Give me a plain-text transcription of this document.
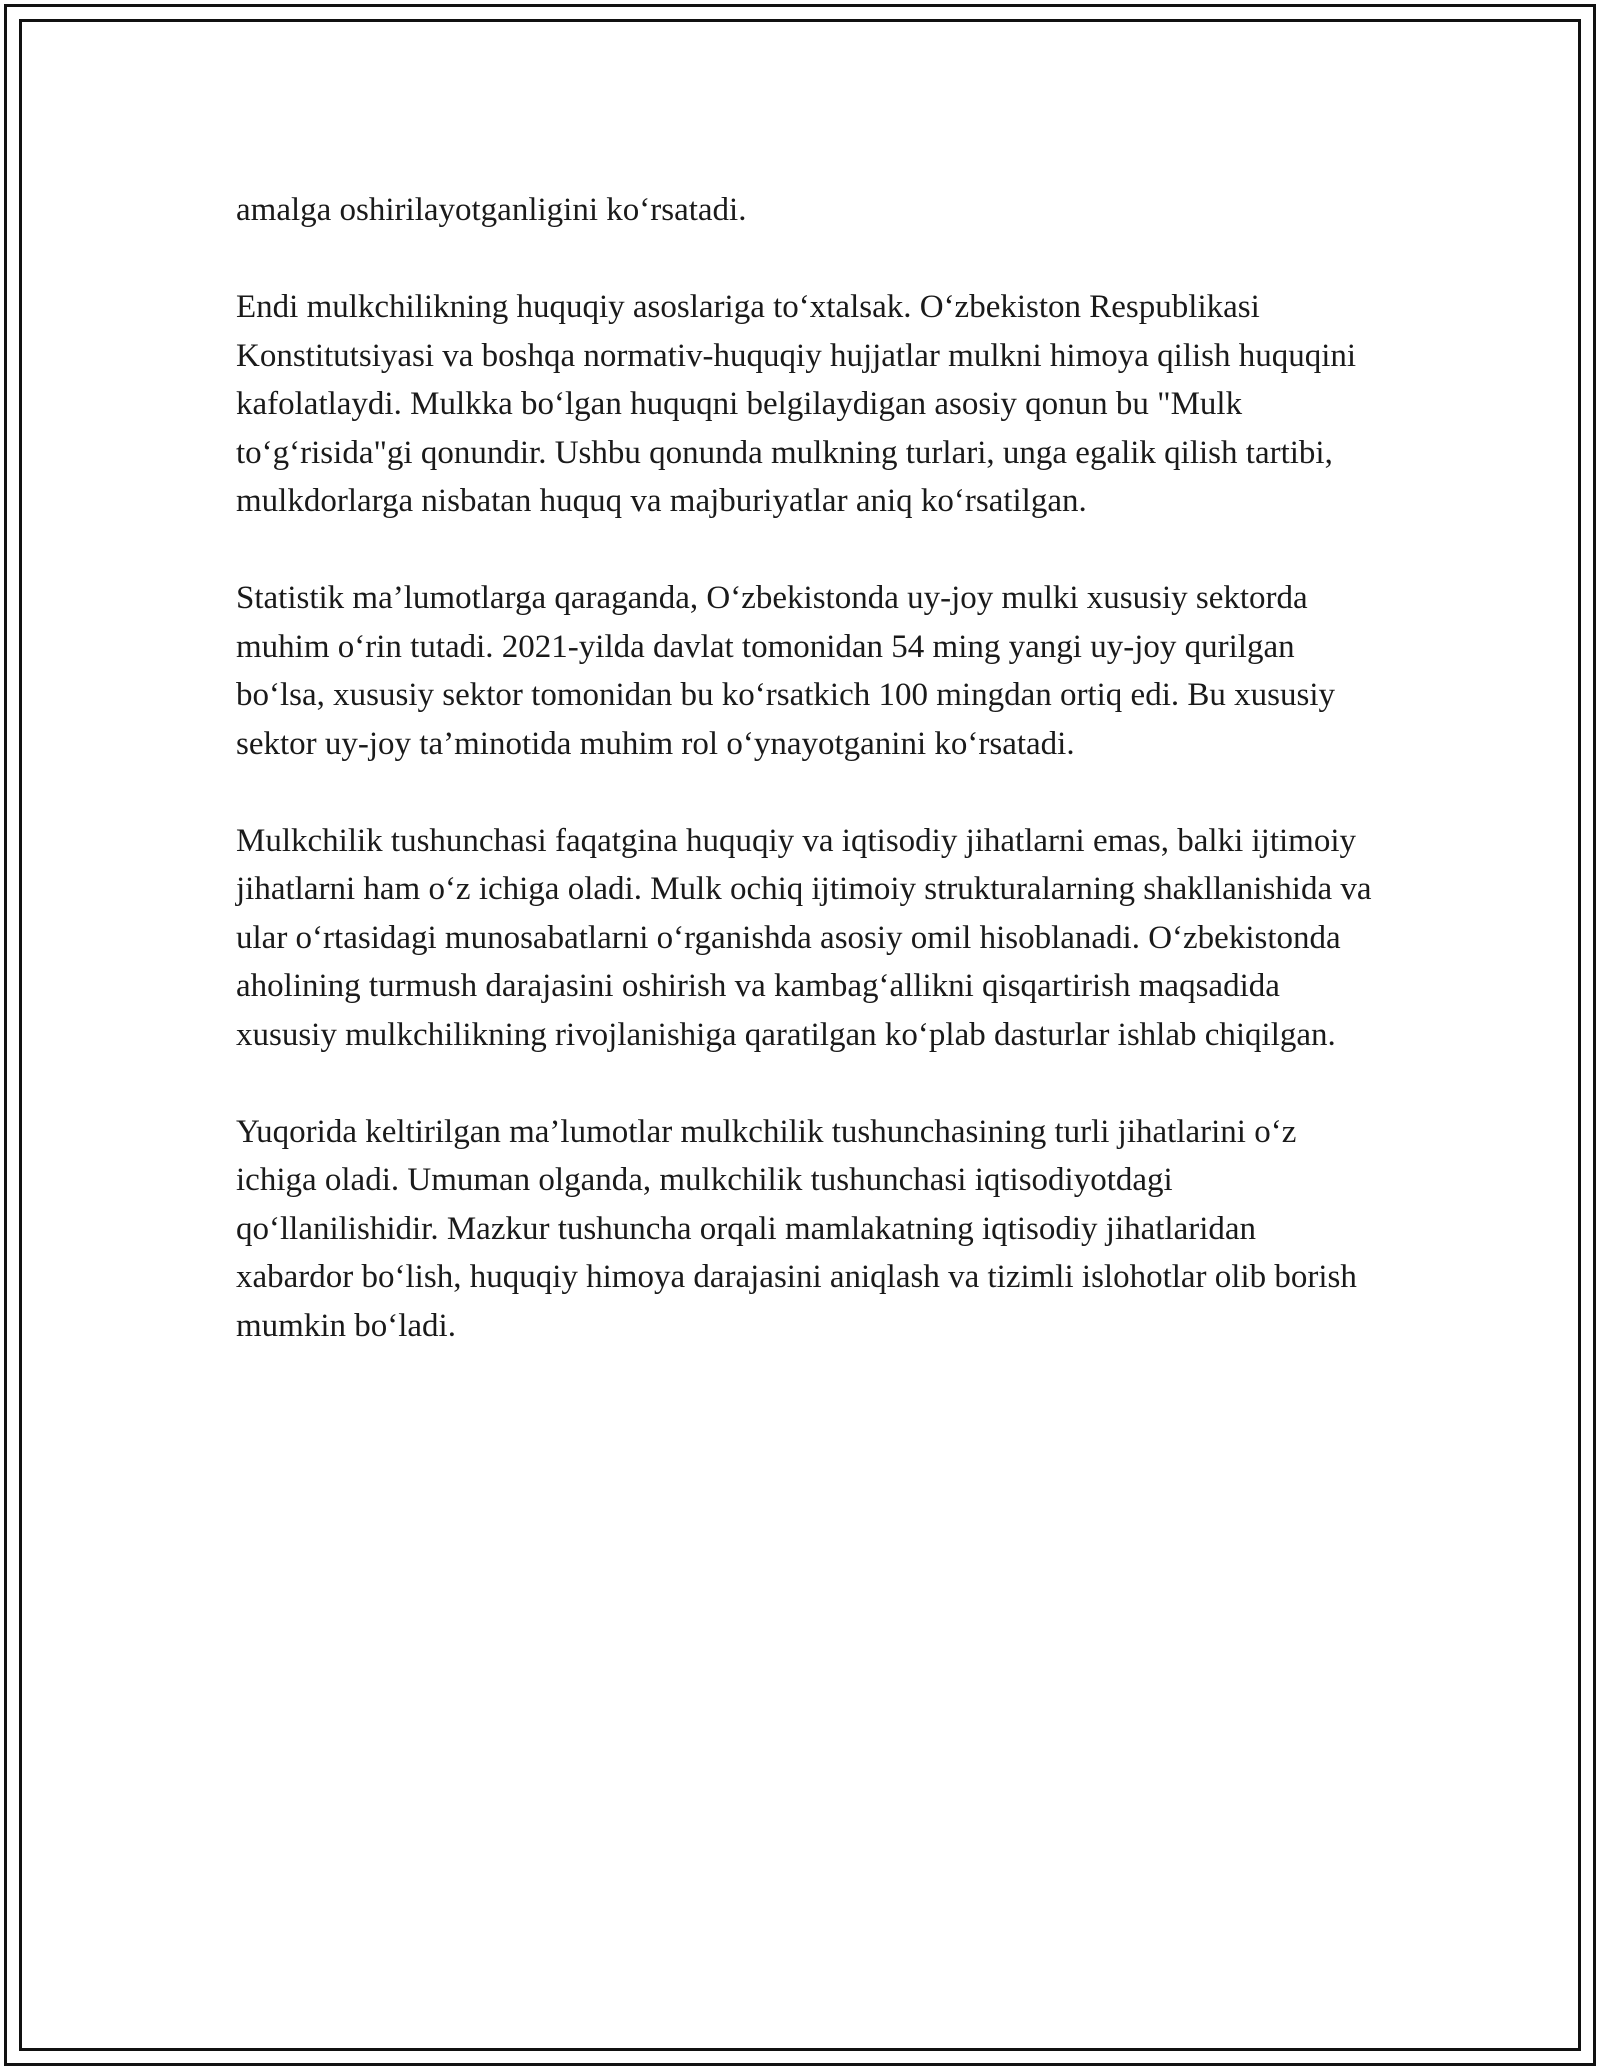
amalga oshirilayotganligini ko‘rsatadi.

Endi mulkchilikning huquqiy asoslariga to‘xtalsak. O‘zbekiston Respublikasi Konstitutsiyasi va boshqa normativ-huquqiy hujjatlar mulkni himoya qilish huquqini kafolatlaydi. Mulkka bo‘lgan huquqni belgilaydigan asosiy qonun bu "Mulk to‘g‘risida"gi qonundir. Ushbu qonunda mulkning turlari, unga egalik qilish tartibi, mulkdorlarga nisbatan huquq va majburiyatlar aniq ko‘rsatilgan.

Statistik ma’lumotlarga qaraganda, O‘zbekistonda uy-joy mulki xususiy sektorda muhim o‘rin tutadi. 2021-yilda davlat tomonidan 54 ming yangi uy-joy qurilgan bo‘lsa, xususiy sektor tomonidan bu ko‘rsatkich 100 mingdan ortiq edi. Bu xususiy sektor uy-joy ta’minotida muhim rol o‘ynayotganini ko‘rsatadi.

Mulkchilik tushunchasi faqatgina huquqiy va iqtisodiy jihatlarni emas, balki ijtimoiy jihatlarni ham o‘z ichiga oladi. Mulk ochiq ijtimoiy strukturalarning shakllanishida va ular o‘rtasidagi munosabatlarni o‘rganishda asosiy omil hisoblanadi. O‘zbekistonda aholining turmush darajasini oshirish va kambag‘allikni qisqartirish maqsadida xususiy mulkchilikning rivojlanishiga qaratilgan ko‘plab dasturlar ishlab chiqilgan.

Yuqorida keltirilgan ma’lumotlar mulkchilik tushunchasining turli jihatlarini o‘z ichiga oladi. Umuman olganda, mulkchilik tushunchasi iqtisodiyotdagi qo‘llanilishidir. Mazkur tushuncha orqali mamlakatning iqtisodiy jihatlaridan xabardor bo‘lish, huquqiy himoya darajasini aniqlash va tizimli islohotlar olib borish mumkin bo‘ladi.
